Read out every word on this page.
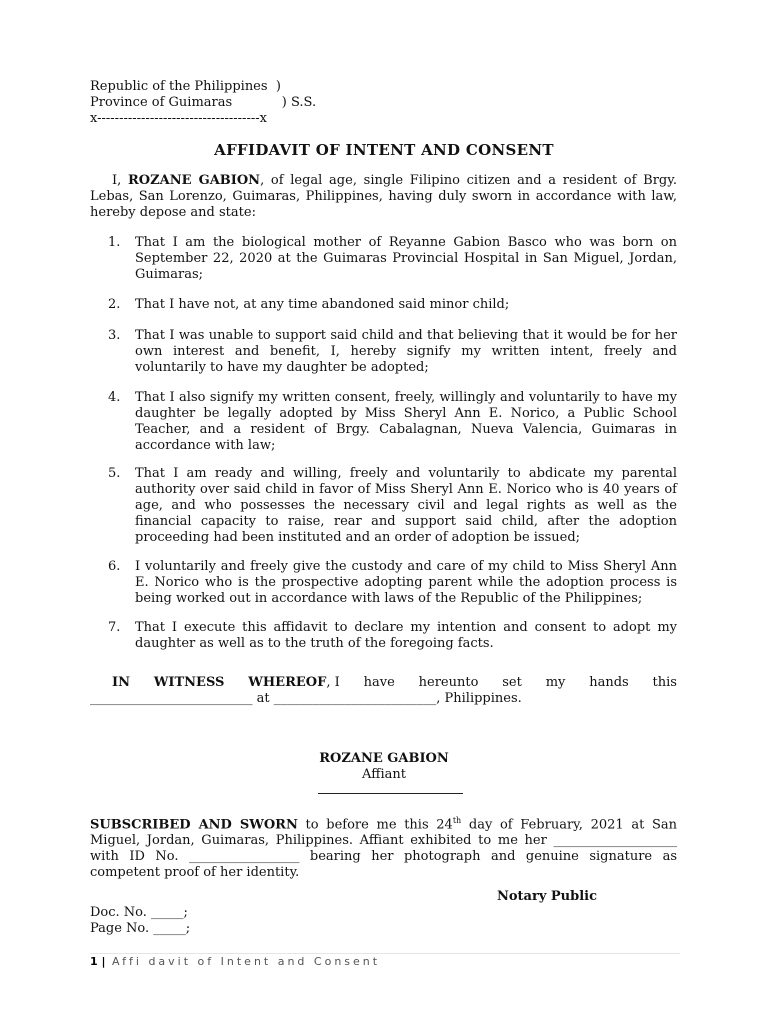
Republic of the Philippines  )
Province of Guimaras            ) S.S.
x-------------------------------------x
AFFIDAVIT OF INTENT AND CONSENT

I, ROZANE GABION, of legal age, single Filipino citizen and a resident of Brgy. Lebas, San Lorenzo, Guimaras, Philippines, having duly sworn in accordance with law, hereby depose and state:

1.	That I am the biological mother of Reyanne Gabion Basco who was born on September 22, 2020 at the Guimaras Provincial Hospital in San Miguel, Jordan, Guimaras;
2.	That I have not, at any time abandoned said minor child;
3.	That I was unable to support said child and that believing that it would be for her own interest and benefit, I, hereby signify my written intent, freely and voluntarily to have my daughter be adopted;
4.	That I also signify my written consent, freely, willingly and voluntarily to have my daughter be legally adopted by Miss Sheryl Ann E. Norico, a Public School Teacher, and a resident of Brgy. Cabalagnan, Nueva Valencia, Guimaras in accordance with law;
5.	That I am ready and willing, freely and voluntarily to abdicate my parental authority over said child in favor of Miss Sheryl Ann E. Norico who is 40 years of age, and who possesses the necessary civil and legal rights as well as the financial capacity to raise, rear and support said child, after the adoption proceeding had been instituted and an order of adoption be issued;
6.	I voluntarily and freely give the custody and care of my child to Miss Sheryl Ann E. Norico who is the prospective adopting parent while the adoption process is being worked out in accordance with laws of the Republic of the Philippines;
7.	That I execute this affidavit to declare my intention and consent to adopt my daughter as well as to the truth of the foregoing facts.
IN WITNESS WHEREOF, I have hereunto set my hands this
_________________________ at _________________________, Philippines.
ROZANE GABION
Affiant

SUBSCRIBED AND SWORN to before me this 24th day of February, 2021 at San Miguel, Jordan, Guimaras, Philippines. Affiant exhibited to me her ___________________ with ID No. _________________ bearing her photograph and genuine signature as competent proof of her identity.

Notary Public
Doc. No. _____;
Page No. _____;
1 | Affi davit of Intent and Consent
